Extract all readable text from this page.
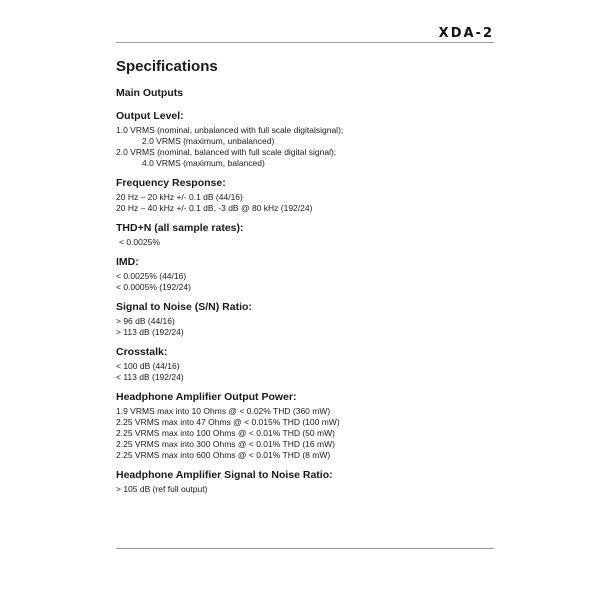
XDA-2
Specifications
Main Outputs
Output Level:
1.0 VRMS (nominal, unbalanced with full scale digitalsignal);
2.0 VRMS (maximum, unbalanced)
2.0 VRMS (nominal, balanced with full scale digital signal);
4.0 VRMS (maximum, balanced)
Frequency Response:
20 Hz – 20 kHz +/- 0.1 dB (44/16)
20 Hz – 40 kHz +/- 0.1 dB, -3 dB @ 80 kHz (192/24)
THD+N (all sample rates):
< 0.0025%
IMD:
< 0.0025% (44/16)
< 0.0005% (192/24)
Signal to Noise (S/N) Ratio:
> 96 dB (44/16)
> 113 dB (192/24)
Crosstalk:
< 100 dB (44/16)
< 113 dB (192/24)
Headphone Amplifier Output Power:
1.9 VRMS max into 10 Ohms @ < 0.02% THD (360 mW)
2.25 VRMS max into 47 Ohms @ < 0.015% THD (100 mW)
2.25 VRMS max into 100 Ohms @ < 0.01% THD (50 mW)
2.25 VRMS max into 300 Ohms @ < 0.01% THD (16 mW)
2.25 VRMS max into 600 Ohms @ < 0.01% THD (8 mW)
Headphone Amplifier Signal to Noise Ratio:
> 105 dB (ref full output)
